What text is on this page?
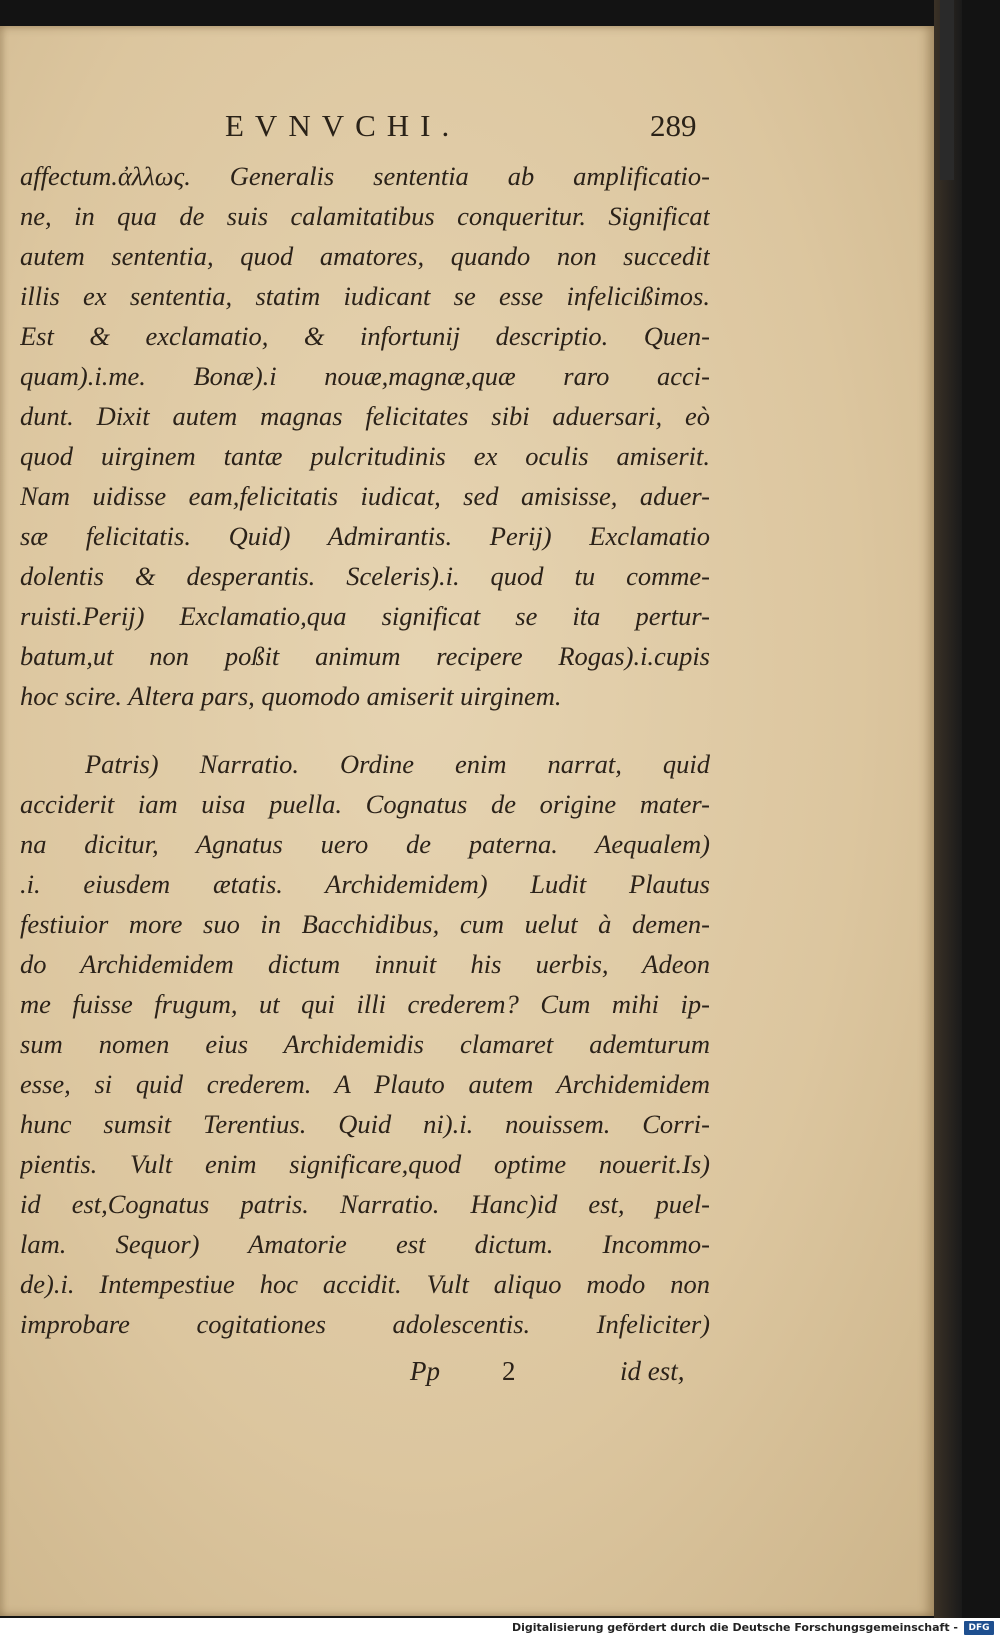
EVNVCHI.	289
affectum.ἀλλως. Generalis sententia ab amplificatio-
ne, in qua de suis calamitatibus conqueritur. Significat
autem sententia, quod amatores, quando non succedit
illis ex sententia, statim iudicant se esse infelicißimos.
Est & exclamatio, & infortunij descriptio. Quen-
quam).i.me. Bonæ).i nouæ,magnæ,quæ raro acci-
dunt. Dixit autem magnas felicitates sibi aduersari, eò
quod uirginem tantæ pulcritudinis ex oculis amiserit.
Nam uidisse eam,felicitatis iudicat, sed amisisse, aduer-
sæ felicitatis. Quid) Admirantis. Perij) Exclamatio
dolentis & desperantis. Sceleris).i. quod tu comme-
ruisti.Perij) Exclamatio,qua significat se ita pertur-
batum,ut non poßit animum recipere Rogas).i.cupis
hoc scire. Altera pars, quomodo amiserit uirginem.
Patris) Narratio. Ordine enim narrat, quid
acciderit iam uisa puella. Cognatus de origine mater-
na dicitur, Agnatus uero de paterna. Aequalem)
.i. eiusdem ætatis. Archidemidem) Ludit Plautus
festiuior more suo in Bacchidibus, cum uelut à demen-
do Archidemidem dictum innuit his uerbis, Adeon
me fuisse frugum, ut qui illi crederem? Cum mihi ip-
sum nomen eius Archidemidis clamaret ademturum
esse, si quid crederem. A Plauto autem Archidemidem
hunc sumsit Terentius. Quid ni).i. nouissem. Corri-
pientis. Vult enim significare,quod optime nouerit.Is)
id est,Cognatus patris. Narratio. Hanc)id est, puel-
lam. Sequor) Amatorie est dictum. Incommo-
de).i. Intempestiue hoc accidit. Vult aliquo modo non
improbare cogitationes adolescentis. Infeliciter)
Pp 2	id est,
Digitalisierung gefördert durch die Deutsche Forschungsgemeinschaft -	DFG
